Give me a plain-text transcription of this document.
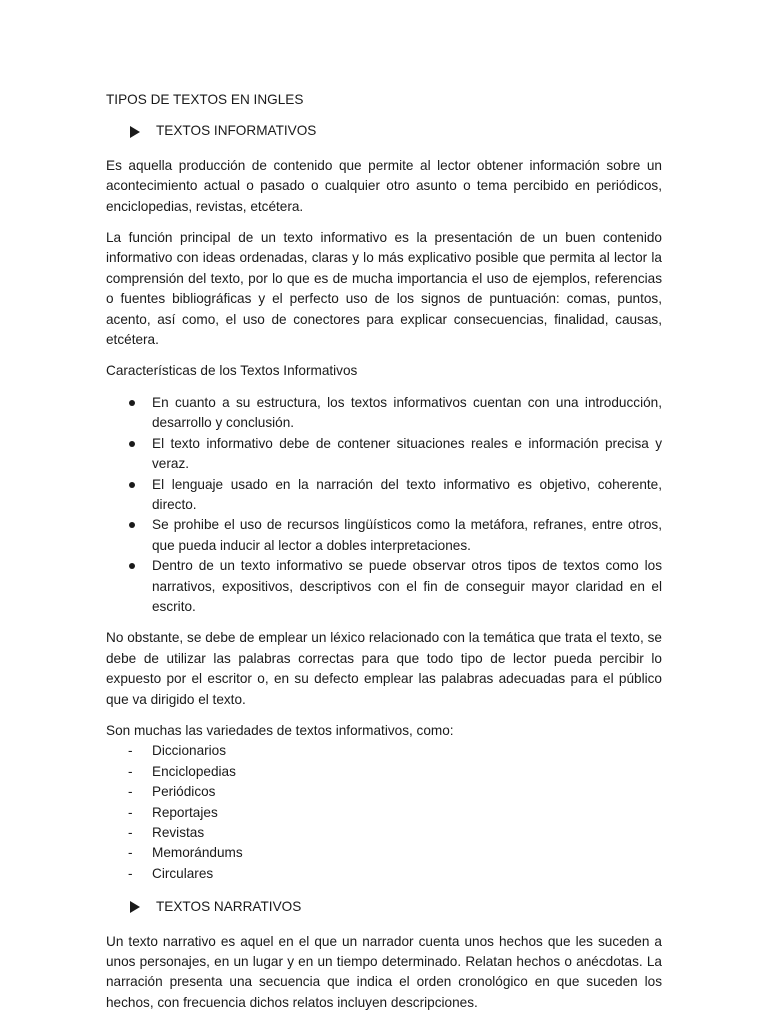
TIPOS DE TEXTOS EN INGLES
TEXTOS INFORMATIVOS

Es aquella producción de contenido que permite al lector obtener información sobre un acontecimiento actual o pasado o cualquier otro asunto o tema percibido en periódicos, enciclopedias, revistas, etcétera.

La función principal de un texto informativo es la presentación de un buen contenido informativo con ideas ordenadas, claras y lo más explicativo posible que permita al lector la comprensión del texto, por lo que es de mucha importancia el uso de ejemplos, referencias o fuentes bibliográficas y el perfecto uso de los signos de puntuación: comas, puntos, acento, así como, el uso de conectores para explicar consecuencias, finalidad, causas, etcétera.

Características de los Textos Informativos
En cuanto a su estructura, los textos informativos cuentan con una introducción, desarrollo y conclusión.
El texto informativo debe de contener situaciones reales e información precisa y veraz.
El lenguaje usado en la narración del texto informativo es objetivo, coherente, directo.
Se prohibe el uso de recursos lingüísticos como la metáfora, refranes, entre otros, que pueda inducir al lector a dobles interpretaciones.
Dentro de un texto informativo se puede observar otros tipos de textos como los narrativos, expositivos, descriptivos con el fin de conseguir mayor claridad en el escrito.

No obstante, se debe de emplear un léxico relacionado con la temática que trata el texto, se debe de utilizar las palabras correctas para que todo tipo de lector pueda percibir lo expuesto por el escritor o, en su defecto emplear las palabras adecuadas para el público que va dirigido el texto.

Son muchas las variedades de textos informativos, como:
- Diccionarios
- Enciclopedias
- Periódicos
- Reportajes
- Revistas
- Memorándums
- Circulares
TEXTOS NARRATIVOS

Un texto narrativo es aquel en el que un narrador cuenta unos hechos que les suceden a unos personajes, en un lugar y en un tiempo determinado. Relatan hechos o anécdotas. La narración presenta una secuencia que indica el orden cronológico en que suceden los hechos, con frecuencia dichos relatos incluyen descripciones.
